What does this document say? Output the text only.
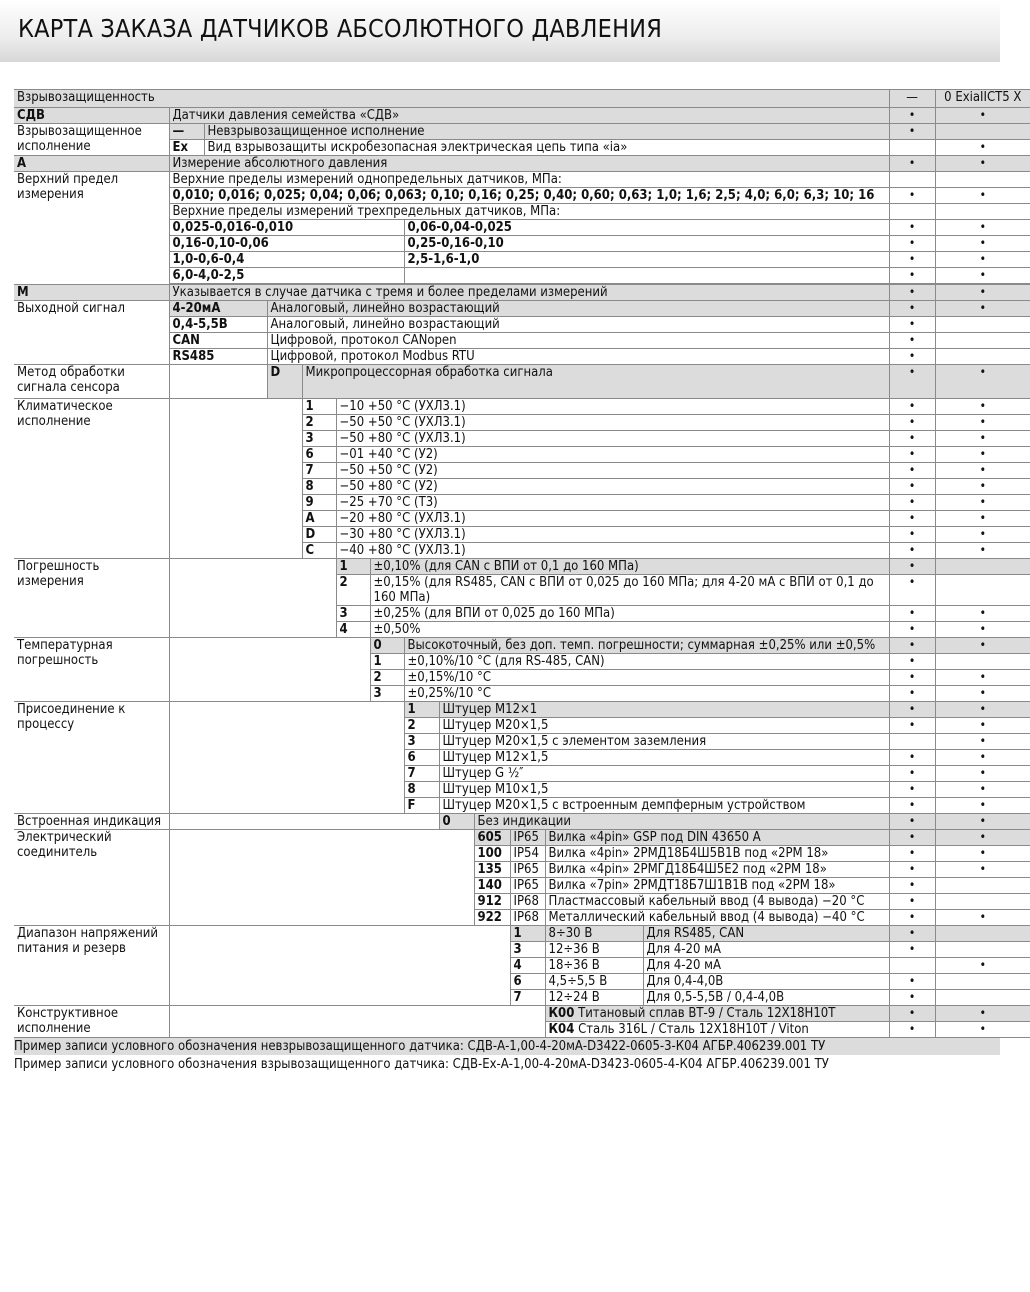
КАРТА ЗАКАЗА ДАТЧИКОВ АБСОЛЮТНОГО ДАВЛЕНИЯ
Взрывозащищенность													—	0 ExiaIICT5 X
СДВ	Датчики давления семейства «СДВ»												•	•
Взрывозащищенное исполнение	—	Невзрывозащищенное исполнение											•	
	Ex	Вид взрывозащиты искробезопасная электрическая цепь типа «ia»												•
А	Измерение абсолютного давления												•	•
Верхний предел измерения	Верхние пределы измерений однопредельных датчиков, МПа:													
	0,010; 0,016; 0,025; 0,04; 0,06; 0,063; 0,10; 0,16; 0,25; 0,40; 0,60; 0,63; 1,0; 1,6; 2,5; 4,0; 6,0; 6,3; 10; 16												•	•
	Верхние пределы измерений трехпредельных датчиков, МПа:													
	0,025-0,016-0,010						0,06-0,04-0,025						•	•
	0,16-0,10-0,06						0,25-0,16-0,10						•	•
	1,0-0,6-0,4						2,5-1,6-1,0						•	•
	6,0-4,0-2,5												•	•

М	Указывается в случае датчика с тремя и более пределами измерений												•	•
Выходной сигнал	4-20мА		Аналоговый, линейно возрастающий										•	•
	0,4-5,5В		Аналоговый, линейно возрастающий										•	
	CAN		Цифровой, протокол CANopen										•	
	RS485		Цифровой, протокол Modbus RTU										•	
Метод обработки сигнала сенсора			D	Микропроцессорная обработка сигнала									•	•
Климатическое исполнение				1	−10 +50 °С (УХЛ3.1)								•	•
				2	−50 +50 °С (УХЛ3.1)								•	•
				3	−50 +80 °С (УХЛ3.1)								•	•
				6	−01 +40 °С (У2)								•	•
				7	−50 +50 °С (У2)								•	•
				8	−50 +80 °С (У2)								•	•
				9	−25 +70 °С (Т3)								•	•
				А	−20 +80 °С (УХЛ3.1)								•	•
				D	−30 +80 °С (УХЛ3.1)								•	•
				С	−40 +80 °С (УХЛ3.1)								•	•
Погрешность измерения					1	±0,10% (для CAN с ВПИ от 0,1 до 160 МПа)							•	
					2	±0,15% (для RS485, CAN с ВПИ от 0,025 до 160 МПа; для 4-20 мА с ВПИ от 0,1 до 160 МПа)							•	
					3	±0,25% (для ВПИ от 0,025 до 160 МПа)							•	•
					4	±0,50%							•	•
Температурная погрешность						0	Высокоточный, без доп. темп. погрешности; суммарная ±0,25% или ±0,5%						•	•
						1	±0,10%/10 °С (для RS-485, CAN)						•	
						2	±0,15%/10 °С						•	•
						3	±0,25%/10 °С						•	•
Присоединение к процессу							1	Штуцер М12×1					•	•
							2	Штуцер М20×1,5					•	•
							3	Штуцер М20×1,5 с элементом заземления						•
							6	Штуцер М12×1,5					•	•
							7	Штуцер G ½″					•	•
							8	Штуцер М10×1,5					•	•
							F	Штуцер М20×1,5 с встроенным демпферным устройством					•	•
Встроенная индикация								0	Без индикации				•	•
Электрический соединитель									605	IP65	Вилка «4pin» GSP под DIN 43650 А		•	•
									100	IP54	Вилка «4pin» 2РМД18Б4Ш5В1В под «2РМ 18»		•	•
									135	IP65	Вилка «4pin» 2РМГД18Б4Ш5Е2 под «2РМ 18»		•	•
									140	IP65	Вилка «7pin» 2РМДТ18Б7Ш1В1В под «2РМ 18»		•	
									912	IP68	Пластмассовый кабельный ввод (4 вывода) −20 °С		•	
									922	IP68	Металлический кабельный ввод (4 вывода) −40 °С		•	•
Диапазон напряжений питания и резерв										1	8÷30 В	Для RS485, CAN	•	
										3	12÷36 В	Для 4-20 мА	•	
										4	18÷36 В	Для 4-20 мА		•
										6	4,5÷5,5 В	Для 0,4-4,0В	•	
										7	12÷24 В	Для 0,5-5,5В / 0,4-4,0В	•	
Конструктивное исполнение											К00 Титановый сплав ВТ-9 / Сталь 12Х18Н10Т		•	•
											К04 Сталь 316L / Сталь 12Х18Н10Т / Viton		•	•
Пример записи условного обозначения невзрывозащищенного датчика: СДВ-А-1,00-4-20мА-D3422-0605-3-К04 АГБР.406239.001 ТУ
Пример записи условного обозначения взрывозащищенного датчика: СДВ-Ex-А-1,00-4-20мА-D3423-0605-4-К04 АГБР.406239.001 ТУ
